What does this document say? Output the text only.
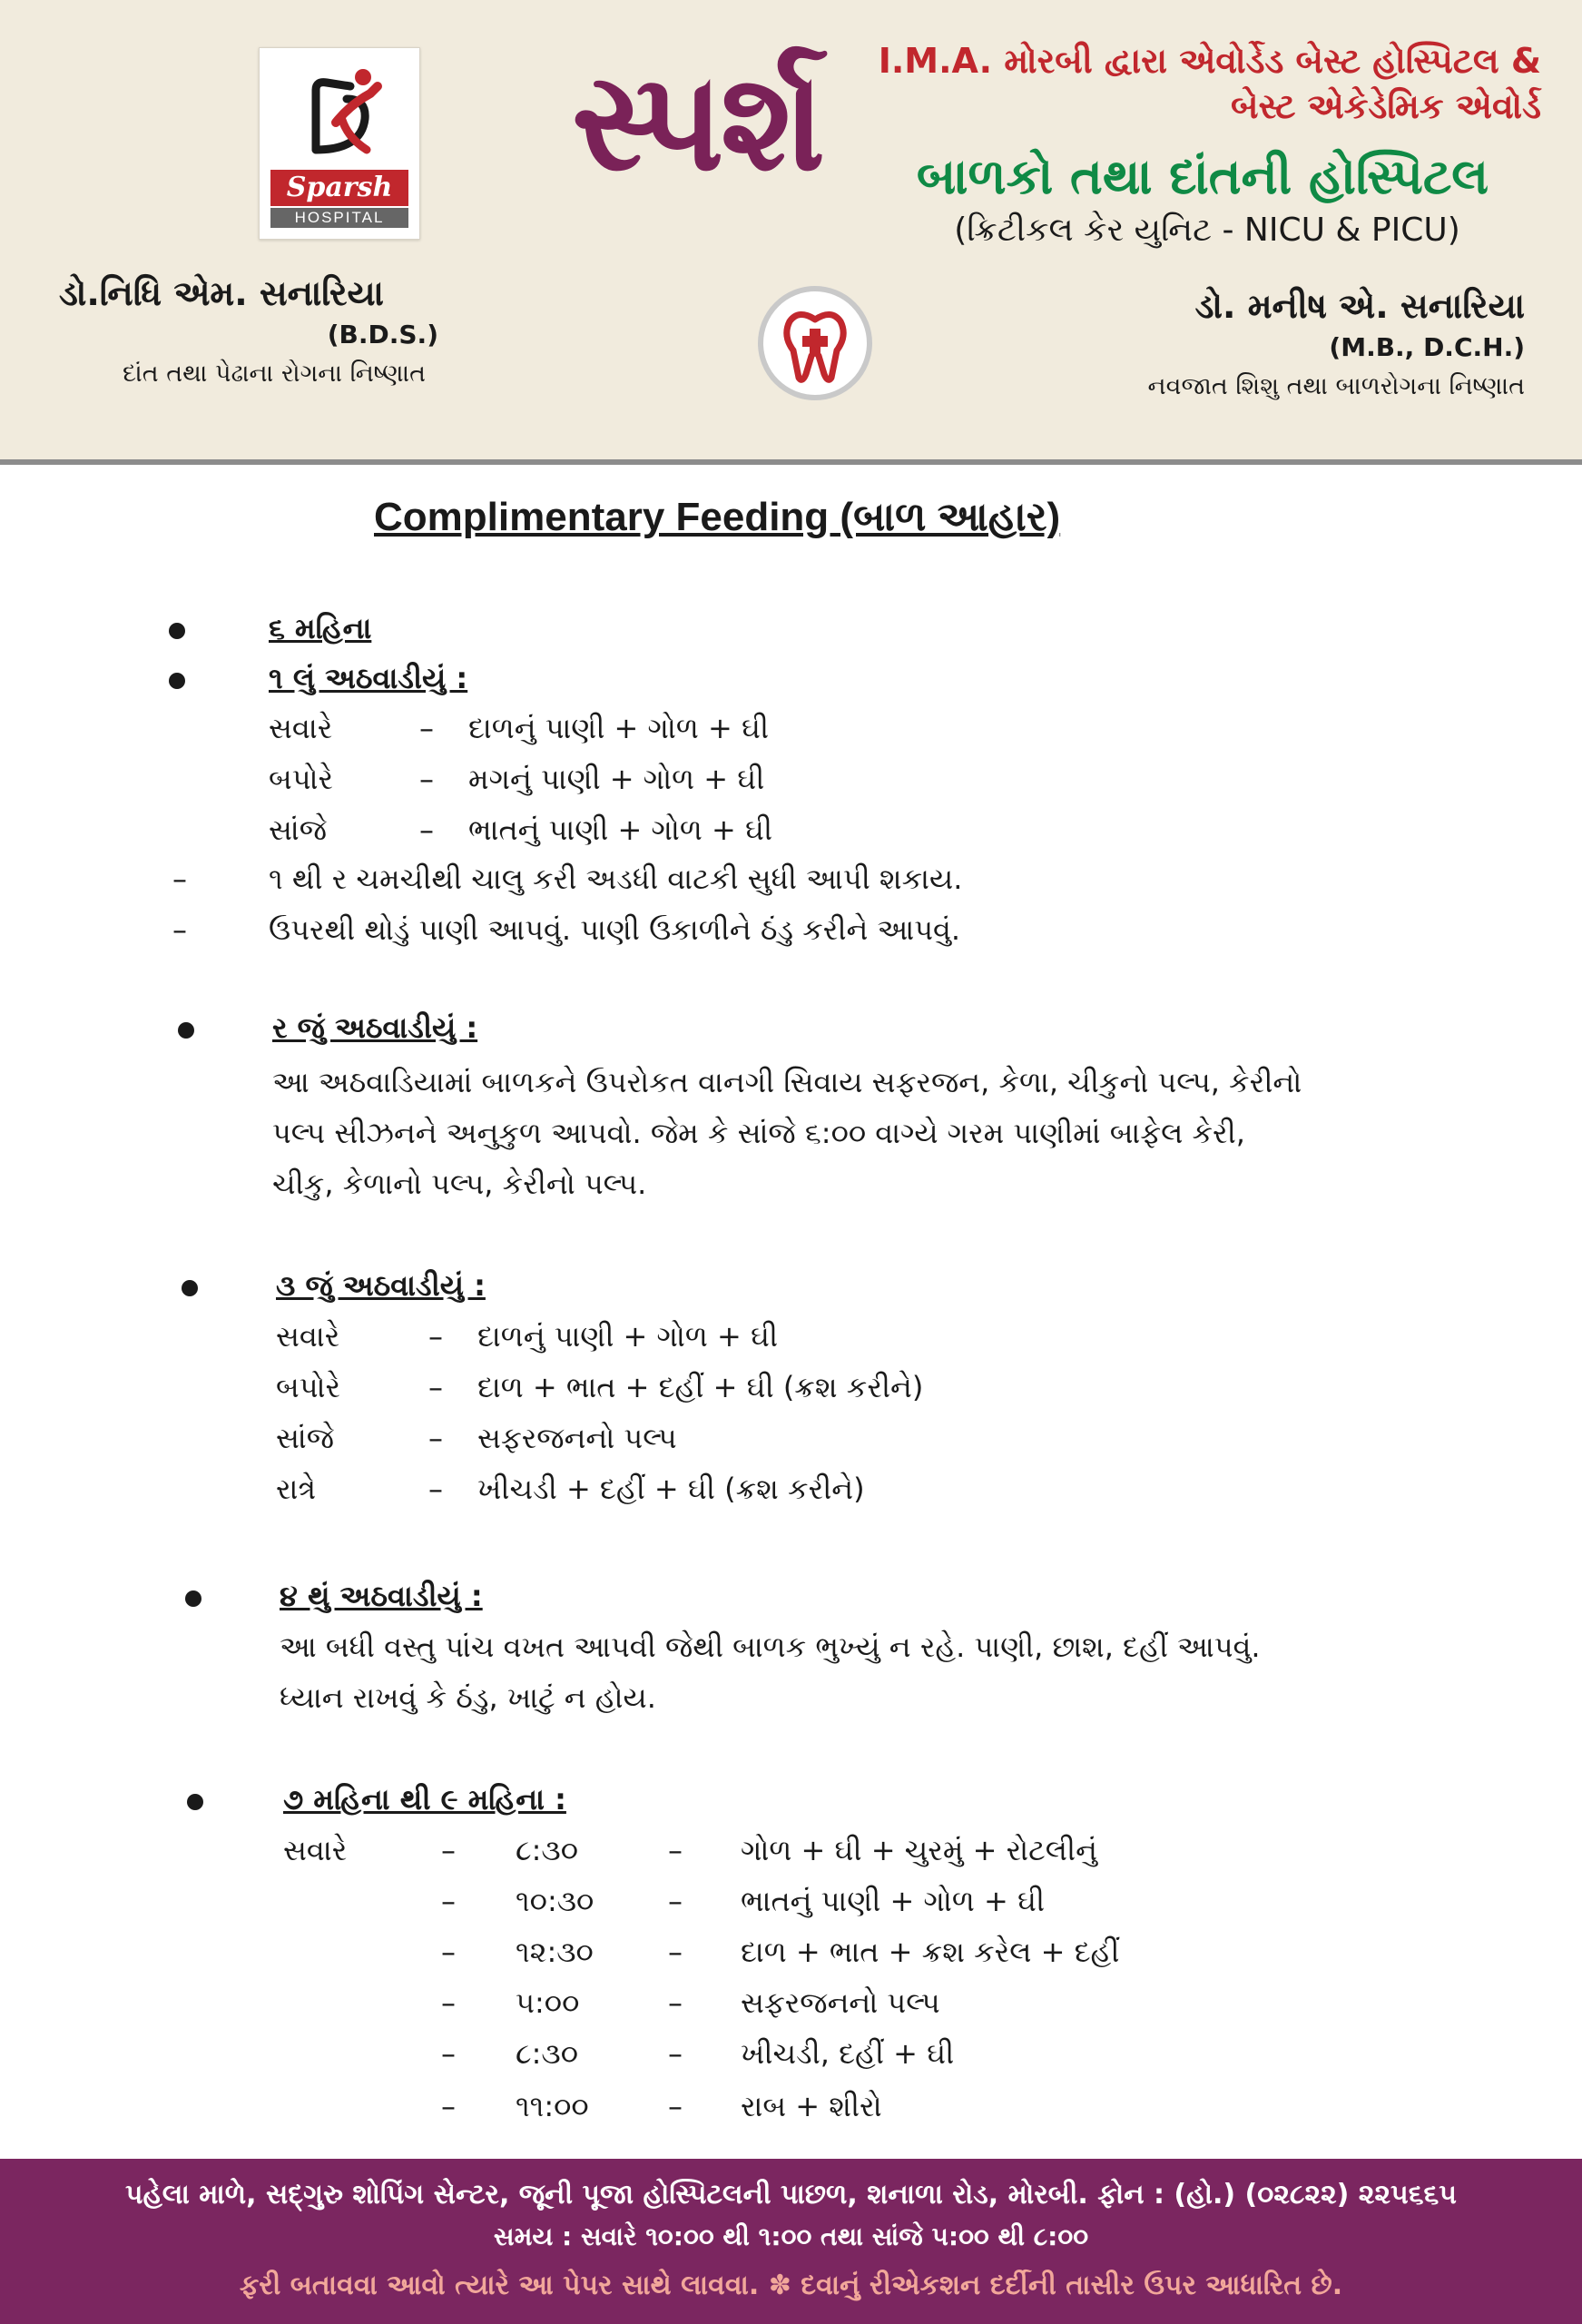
Sparsh
HOSPITAL
I.M.A. મોરબી દ્વારા એવોર્ડેડ બેસ્ટ હોસ્પિટલ &
બેસ્ટ એકેડેમિક એવોર્ડ
સ્પર્શ	બાળકો તથા દાંતની હોસ્પિટલ
(ક્રિટીકલ કેર યુનિટ - NICU & PICU)
ડો.નિધિ એમ. સનારિયા
(B.D.S.)
દાંત તથા પેઢાના રોગના નિષ્ણાત
ડો. મનીષ એ. સનારિયા
(M.B., D.C.H.)
નવજાત શિશુ તથા બાળરોગના નિષ્ણાત
Complimentary Feeding (બાળ આહાર)
૬ મહિના
૧ લું અઠવાડીયું :
સવારે	– દાળનું પાણી + ગોળ + ઘી
બપોરે	– મગનું પાણી + ગોળ + ઘી
સાંજે	– ભાતનું પાણી + ગોળ + ઘી
–	૧ થી ર ચમચીથી ચાલુ કરી અડધી વાટકી સુધી આપી શકાય.
–	ઉપરથી થોડું પાણી આપવું. પાણી ઉકાળીને ઠંડુ કરીને આપવું.
ર જું અઠવાડીયું :
આ અઠવાડિયામાં બાળકને ઉપરોકત વાનગી સિવાય સફરજન, કેળા, ચીકુનો પલ્પ, કેરીનો
પલ્પ સીઝનને અનુકુળ આપવો. જેમ કે સાંજે ૬:૦૦ વાગ્યે ગરમ પાણીમાં બાફેલ કેરી,
ચીકુ, કેળાનો પલ્પ, કેરીનો પલ્પ.
૩ જું અઠવાડીયું :
સવારે	– દાળનું પાણી + ગોળ + ઘી
બપોરે	– દાળ + ભાત + દહીં + ઘી (ક્રશ કરીને)
સાંજે	– સફરજનનો પલ્પ
રાત્રે	– ખીચડી + દહીં + ઘી (ક્રશ કરીને)
૪ થું અઠવાડીયું :
આ બધી વસ્તુ પાંચ વખત આપવી જેથી બાળક ભુખ્યું ન રહે. પાણી, છાશ, દહીં આપવું.
ધ્યાન રાખવું કે ઠંડુ, ખાટું ન હોય.
૭ મહિના થી ૯ મહિના :
સવારે	– ૮:૩૦	– ગોળ + ઘી + ચુરમું + રોટલીનું
– ૧૦:૩૦	– ભાતનું પાણી + ગોળ + ઘી
– ૧૨:૩૦	– દાળ + ભાત + ક્રશ કરેલ + દહીં
– ૫:૦૦	– સફરજનનો પલ્પ
– ૮:૩૦	– ખીચડી, દહીં + ઘી
– ૧૧:૦૦	– રાબ + શીરો
પહેલા માળે, સદ્‌ગુરુ શોપિંગ સેન્ટર, જૂની પૂજા હોસ્પિટલની પાછળ, શનાળા રોડ, મોરબી. ફોન : (હો.) (૦૨૮૨૨) ૨૨૫૬૬૫
સમય : સવારે ૧૦:૦૦ થી ૧:૦૦ તથા સાંજે ૫:૦૦ થી ૮:૦૦
ફરી બતાવવા આવો ત્યારે આ પેપર સાથે લાવવા. ✽ દવાનું રીએકશન દર્દીની તાસીર ઉપર આધારિત છે.
